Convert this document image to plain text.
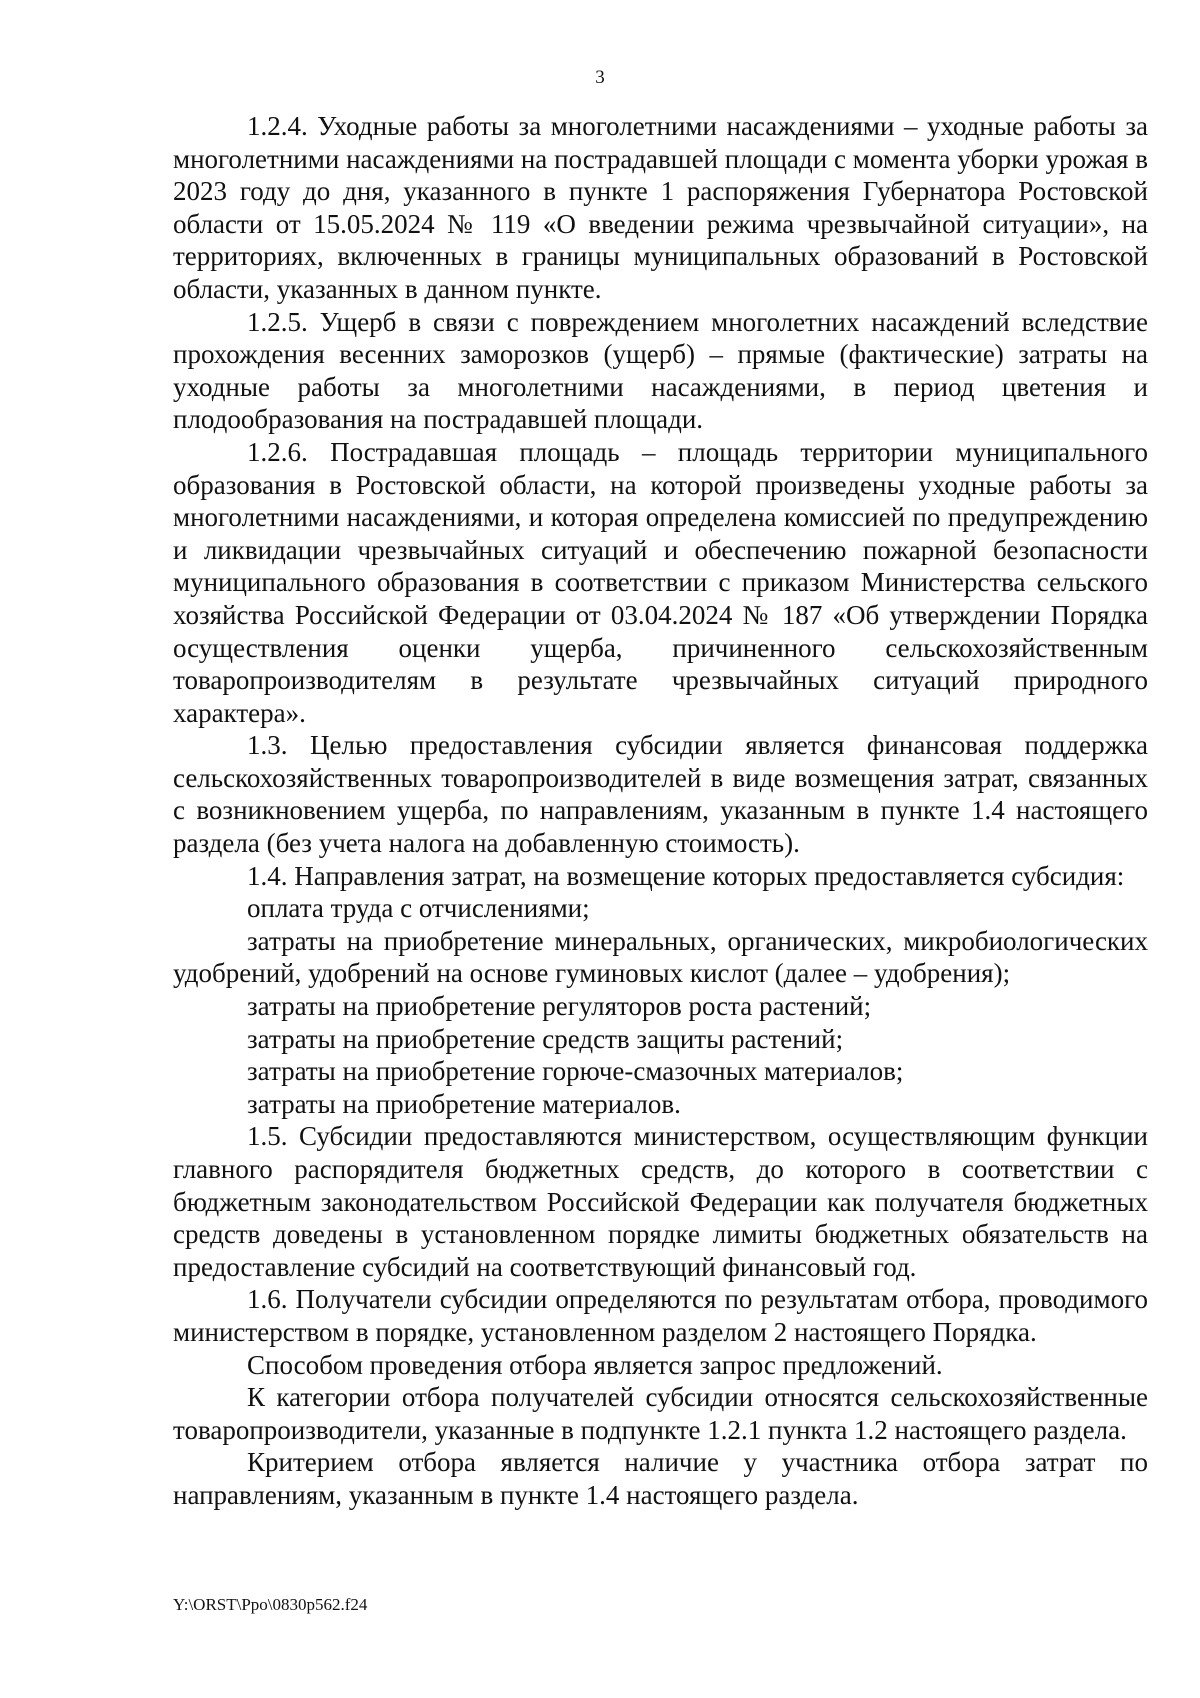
3

1.2.4. Уходные работы за многолетними насаждениями – уходные работы за многолетними насаждениями на пострадавшей площади с момента уборки урожая в 2023 году до дня, указанного в пункте 1 распоряжения Губернатора Ростовской области от 15.05.2024 № 119 «О введении режима чрезвычайной ситуации», на территориях, включенных в границы муниципальных образований в Ростовской области, указанных в данном пункте.

1.2.5. Ущерб в связи с повреждением многолетних насаждений вследствие прохождения весенних заморозков (ущерб) – прямые (фактические) затраты на уходные работы за многолетними насаждениями, в период цветения и плодообразования на пострадавшей площади.

1.2.6. Пострадавшая площадь – площадь территории муниципального образования в Ростовской области, на которой произведены уходные работы за многолетними насаждениями, и которая определена комиссией по предупреждению и ликвидации чрезвычайных ситуаций и обеспечению пожарной безопасности муниципального образования в соответствии с приказом Министерства сельского хозяйства Российской Федерации от 03.04.2024 № 187 «Об утверждении Порядка осуществления оценки ущерба, причиненного сельскохозяйственным товаропроизводителям в результате чрезвычайных ситуаций природного характера».

1.3. Целью предоставления субсидии является финансовая поддержка сельскохозяйственных товаропроизводителей в виде возмещения затрат, связанных с возникновением ущерба, по направлениям, указанным в пункте 1.4 настоящего раздела (без учета налога на добавленную стоимость).

1.4. Направления затрат, на возмещение которых предоставляется субсидия:

оплата труда с отчислениями;

затраты на приобретение минеральных, органических, микробиологических удобрений, удобрений на основе гуминовых кислот (далее – удобрения);

затраты на приобретение регуляторов роста растений;

затраты на приобретение средств защиты растений;

затраты на приобретение горюче-смазочных материалов;

затраты на приобретение материалов.

1.5. Субсидии предоставляются министерством, осуществляющим функции главного распорядителя бюджетных средств, до которого в соответствии с бюджетным законодательством Российской Федерации как получателя бюджетных средств доведены в установленном порядке лимиты бюджетных обязательств на предоставление субсидий на соответствующий финансовый год.

1.6. Получатели субсидии определяются по результатам отбора, проводимого министерством в порядке, установленном разделом 2 настоящего Порядка.

Способом проведения отбора является запрос предложений.

К категории отбора получателей субсидии относятся сельскохозяйственные товаропроизводители, указанные в подпункте 1.2.1 пункта 1.2 настоящего раздела.

Критерием отбора является наличие у участника отбора затрат по направлениям, указанным в пункте 1.4 настоящего раздела.

Y:\ORST\Ppo\0830p562.f24
